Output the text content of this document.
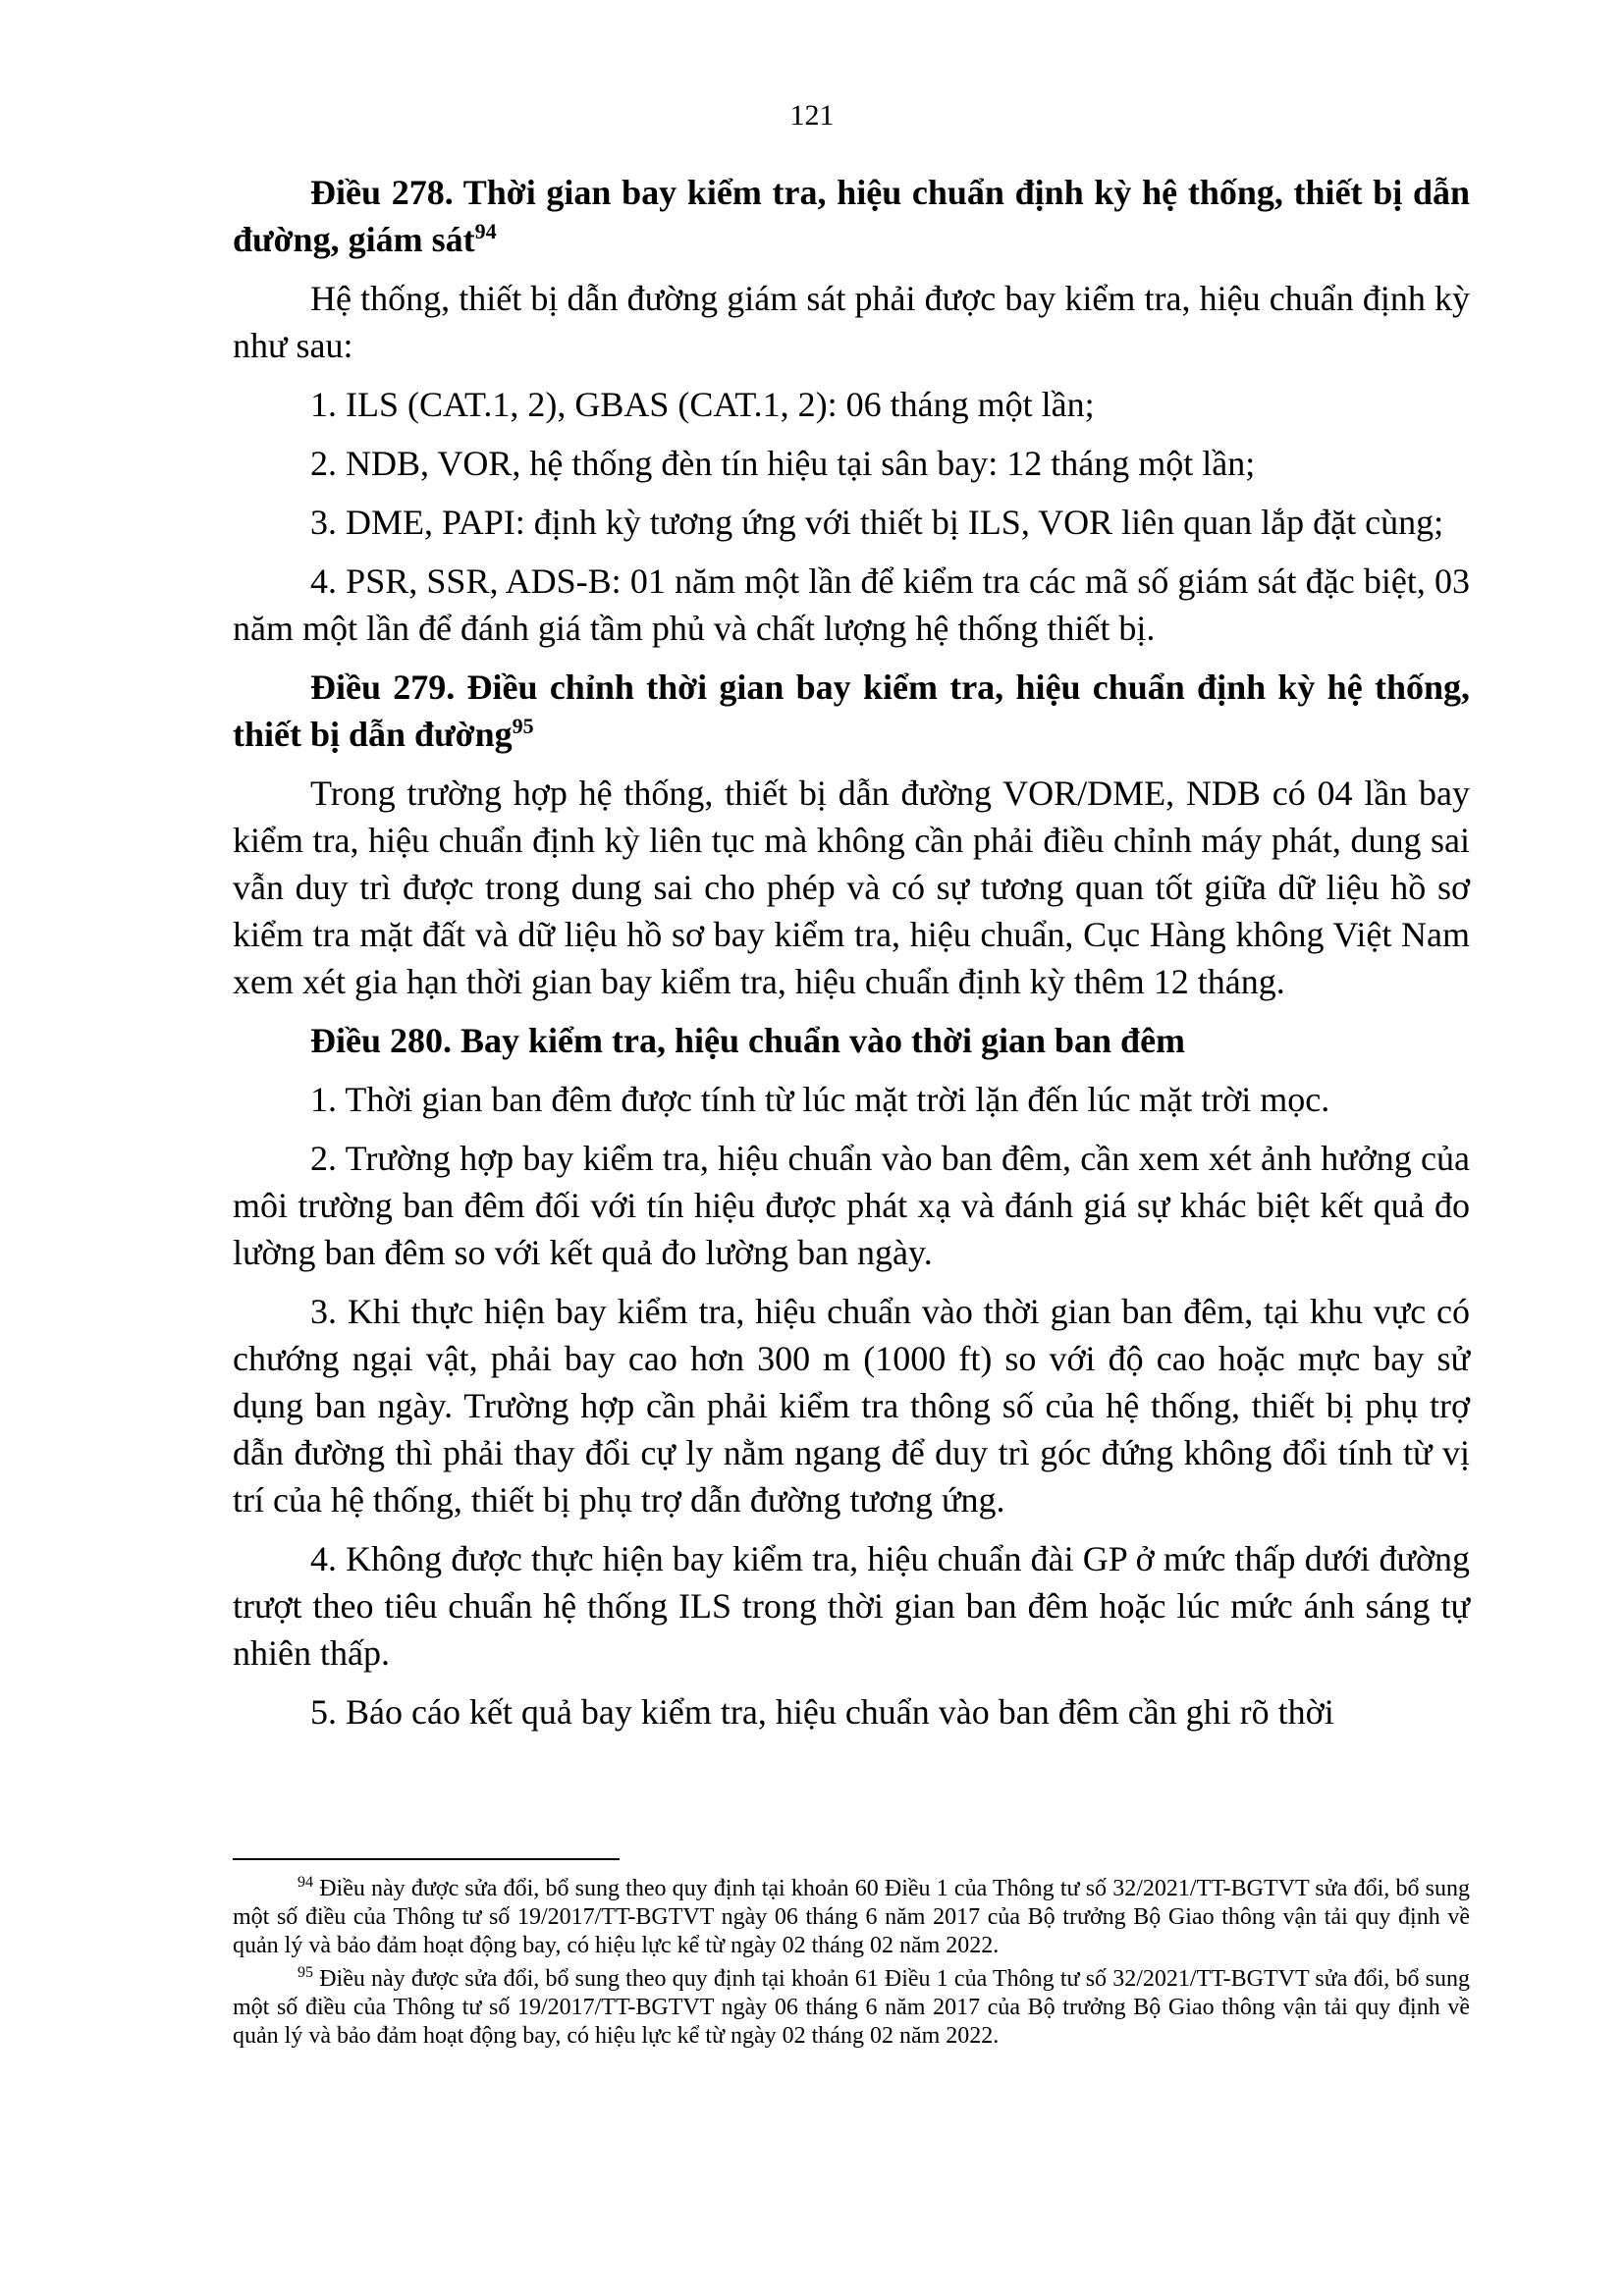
121

Điều 278. Thời gian bay kiểm tra, hiệu chuẩn định kỳ hệ thống, thiết bị dẫn đường, giám sát$^{94}$

Hệ thống, thiết bị dẫn đường giám sát phải được bay kiểm tra, hiệu chuẩn định kỳ như sau:

1. ILS (CAT.1, 2), GBAS (CAT.1, 2): 06 tháng một lần;

2. NDB, VOR, hệ thống đèn tín hiệu tại sân bay: 12 tháng một lần;

3. DME, PAPI: định kỳ tương ứng với thiết bị ILS, VOR liên quan lắp đặt cùng;

4. PSR, SSR, ADS-B: 01 năm một lần để kiểm tra các mã số giám sát đặc biệt, 03 năm một lần để đánh giá tầm phủ và chất lượng hệ thống thiết bị.

Điều 279. Điều chỉnh thời gian bay kiểm tra, hiệu chuẩn định kỳ hệ thống, thiết bị dẫn đường$^{95}$

Trong trường hợp hệ thống, thiết bị dẫn đường VOR/DME, NDB có 04 lần bay kiểm tra, hiệu chuẩn định kỳ liên tục mà không cần phải điều chỉnh máy phát, dung sai vẫn duy trì được trong dung sai cho phép và có sự tương quan tốt giữa dữ liệu hồ sơ kiểm tra mặt đất và dữ liệu hồ sơ bay kiểm tra, hiệu chuẩn, Cục Hàng không Việt Nam xem xét gia hạn thời gian bay kiểm tra, hiệu chuẩn định kỳ thêm 12 tháng.

Điều 280. Bay kiểm tra, hiệu chuẩn vào thời gian ban đêm

1. Thời gian ban đêm được tính từ lúc mặt trời lặn đến lúc mặt trời mọc.

2. Trường hợp bay kiểm tra, hiệu chuẩn vào ban đêm, cần xem xét ảnh hưởng của môi trường ban đêm đối với tín hiệu được phát xạ và đánh giá sự khác biệt kết quả đo lường ban đêm so với kết quả đo lường ban ngày.

3. Khi thực hiện bay kiểm tra, hiệu chuẩn vào thời gian ban đêm, tại khu vực có chướng ngại vật, phải bay cao hơn 300 m (1000 ft) so với độ cao hoặc mực bay sử dụng ban ngày. Trường hợp cần phải kiểm tra thông số của hệ thống, thiết bị phụ trợ dẫn đường thì phải thay đổi cự ly nằm ngang để duy trì góc đứng không đổi tính từ vị trí của hệ thống, thiết bị phụ trợ dẫn đường tương ứng.

4. Không được thực hiện bay kiểm tra, hiệu chuẩn đài GP ở mức thấp dưới đường trượt theo tiêu chuẩn hệ thống ILS trong thời gian ban đêm hoặc lúc mức ánh sáng tự nhiên thấp.

5. Báo cáo kết quả bay kiểm tra, hiệu chuẩn vào ban đêm cần ghi rõ thời

$^{94}$ Điều này được sửa đổi, bổ sung theo quy định tại khoản 60 Điều 1 của Thông tư số 32/2021/TT-BGTVT sửa đổi, bổ sung một số điều của Thông tư số 19/2017/TT-BGTVT ngày 06 tháng 6 năm 2017 của Bộ trưởng Bộ Giao thông vận tải quy định về quản lý và bảo đảm hoạt động bay, có hiệu lực kể từ ngày 02 tháng 02 năm 2022.

$^{95}$ Điều này được sửa đổi, bổ sung theo quy định tại khoản 61 Điều 1 của Thông tư số 32/2021/TT-BGTVT sửa đổi, bổ sung một số điều của Thông tư số 19/2017/TT-BGTVT ngày 06 tháng 6 năm 2017 của Bộ trưởng Bộ Giao thông vận tải quy định về quản lý và bảo đảm hoạt động bay, có hiệu lực kể từ ngày 02 tháng 02 năm 2022.
